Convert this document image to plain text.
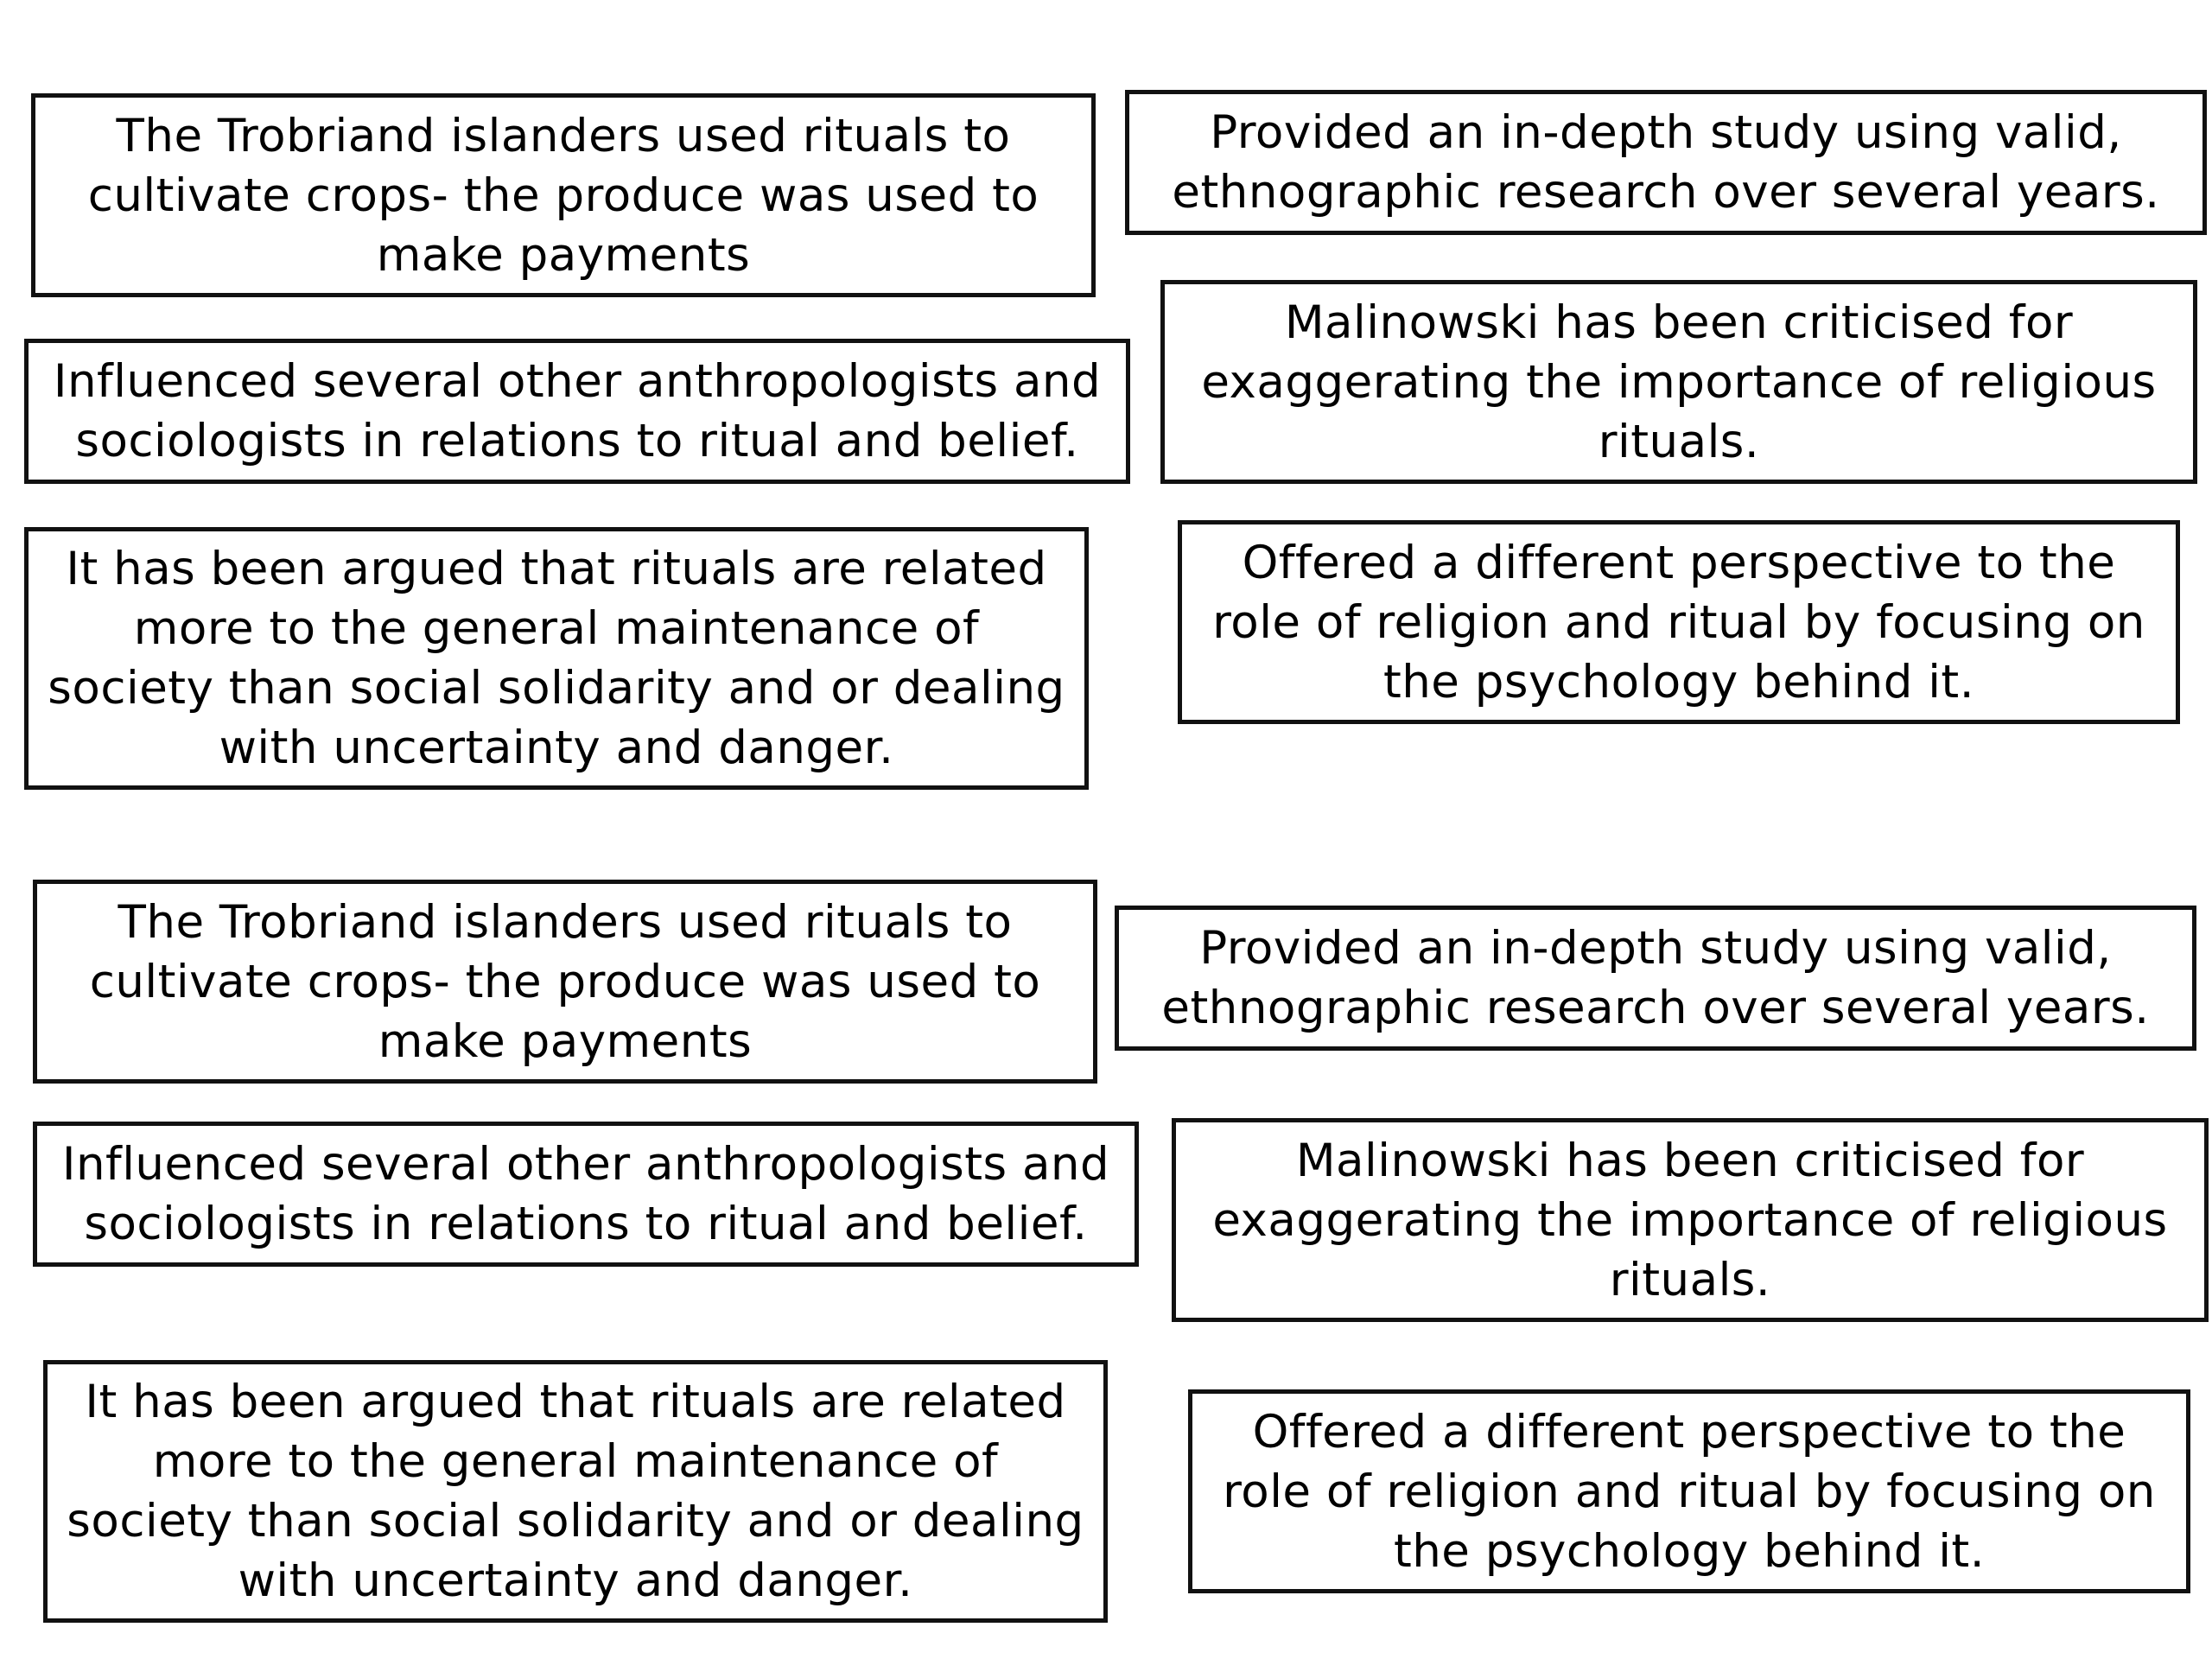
The Trobriand islanders used rituals to cultivate crops- the produce was used to make payments
Provided an in-depth study using valid, ethnographic research over several years.
Influenced several other anthropologists and sociologists in relations to ritual and belief.
Malinowski has been criticised for exaggerating the importance of religious rituals.
It has been argued that rituals are related more to the general maintenance of society than social solidarity and or dealing with uncertainty and danger.
Offered a different perspective to the role of religion and ritual by focusing on the psychology behind it.
The Trobriand islanders used rituals to cultivate crops- the produce was used to make payments
Provided an in-depth study using valid, ethnographic research over several years.
Influenced several other anthropologists and sociologists in relations to ritual and belief.
Malinowski has been criticised for exaggerating the importance of religious rituals.
It has been argued that rituals are related more to the general maintenance of society than social solidarity and or dealing with uncertainty and danger.
Offered a different perspective to the role of religion and ritual by focusing on the psychology behind it.
